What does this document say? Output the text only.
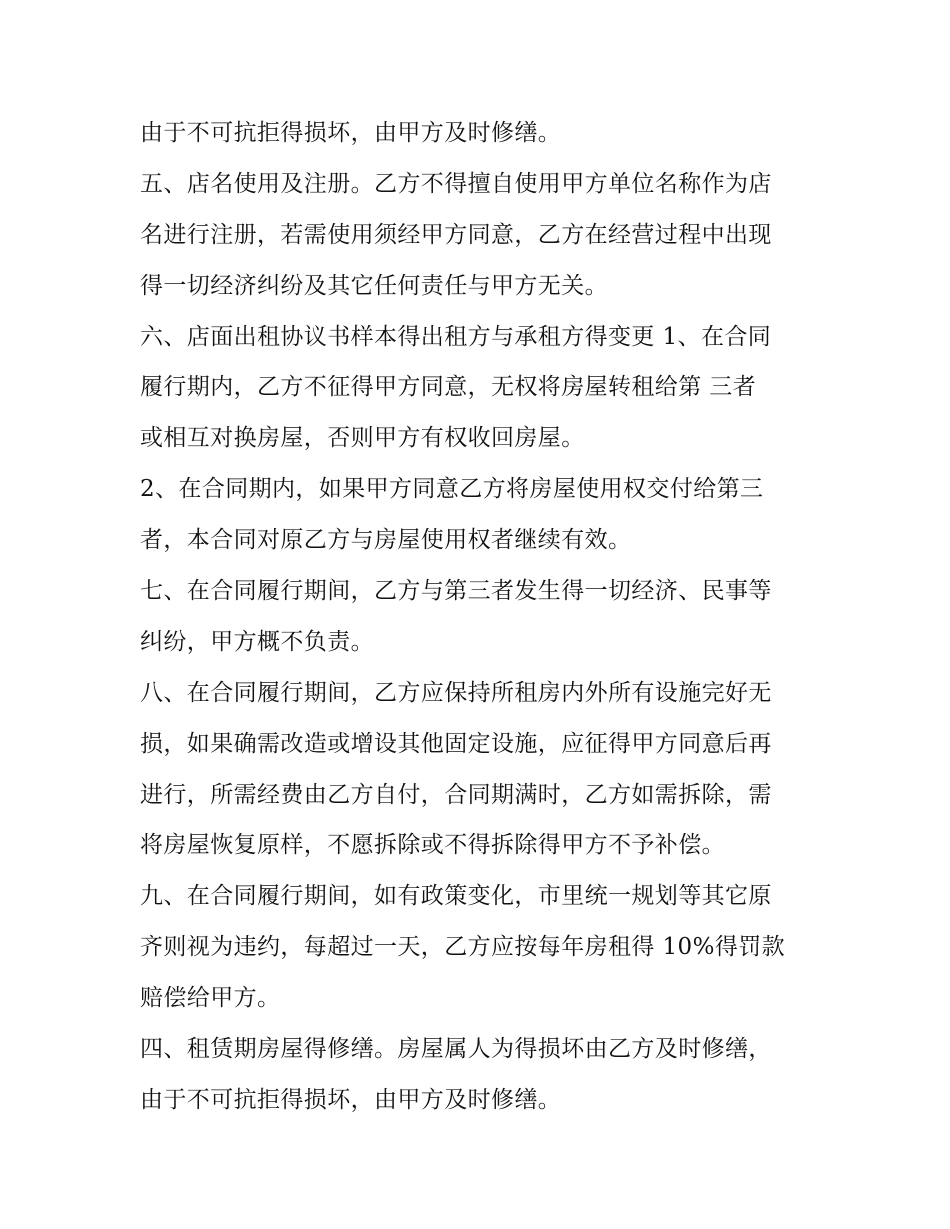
由于不可抗拒得损坏，由甲方及时修缮。
五、店名使用及注册。乙方不得擅自使用甲方单位名称作为店
名进行注册，若需使用须经甲方同意，乙方在经营过程中出现
得一切经济纠纷及其它任何责任与甲方无关。
六、店面出租协议书样本得出租方与承租方得变更 1、在合同
履行期内，乙方不征得甲方同意，无权将房屋转租给第 三者
或相互对换房屋，否则甲方有权收回房屋。
2、在合同期内，如果甲方同意乙方将房屋使用权交付给第三
者，本合同对原乙方与房屋使用权者继续有效。
七、在合同履行期间，乙方与第三者发生得一切经济、民事等
纠纷，甲方概不负责。
八、在合同履行期间，乙方应保持所租房内外所有设施完好无
损，如果确需改造或增设其他固定设施，应征得甲方同意后再
进行，所需经费由乙方自付，合同期满时，乙方如需拆除，需
将房屋恢复原样，不愿拆除或不得拆除得甲方不予补偿。
九、在合同履行期间，如有政策变化，市里统一规划等其它原
齐则视为违约，每超过一天，乙方应按每年房租得 10%得罚款
赔偿给甲方。
四、租赁期房屋得修缮。房屋属人为得损坏由乙方及时修缮，
由于不可抗拒得损坏，由甲方及时修缮。
